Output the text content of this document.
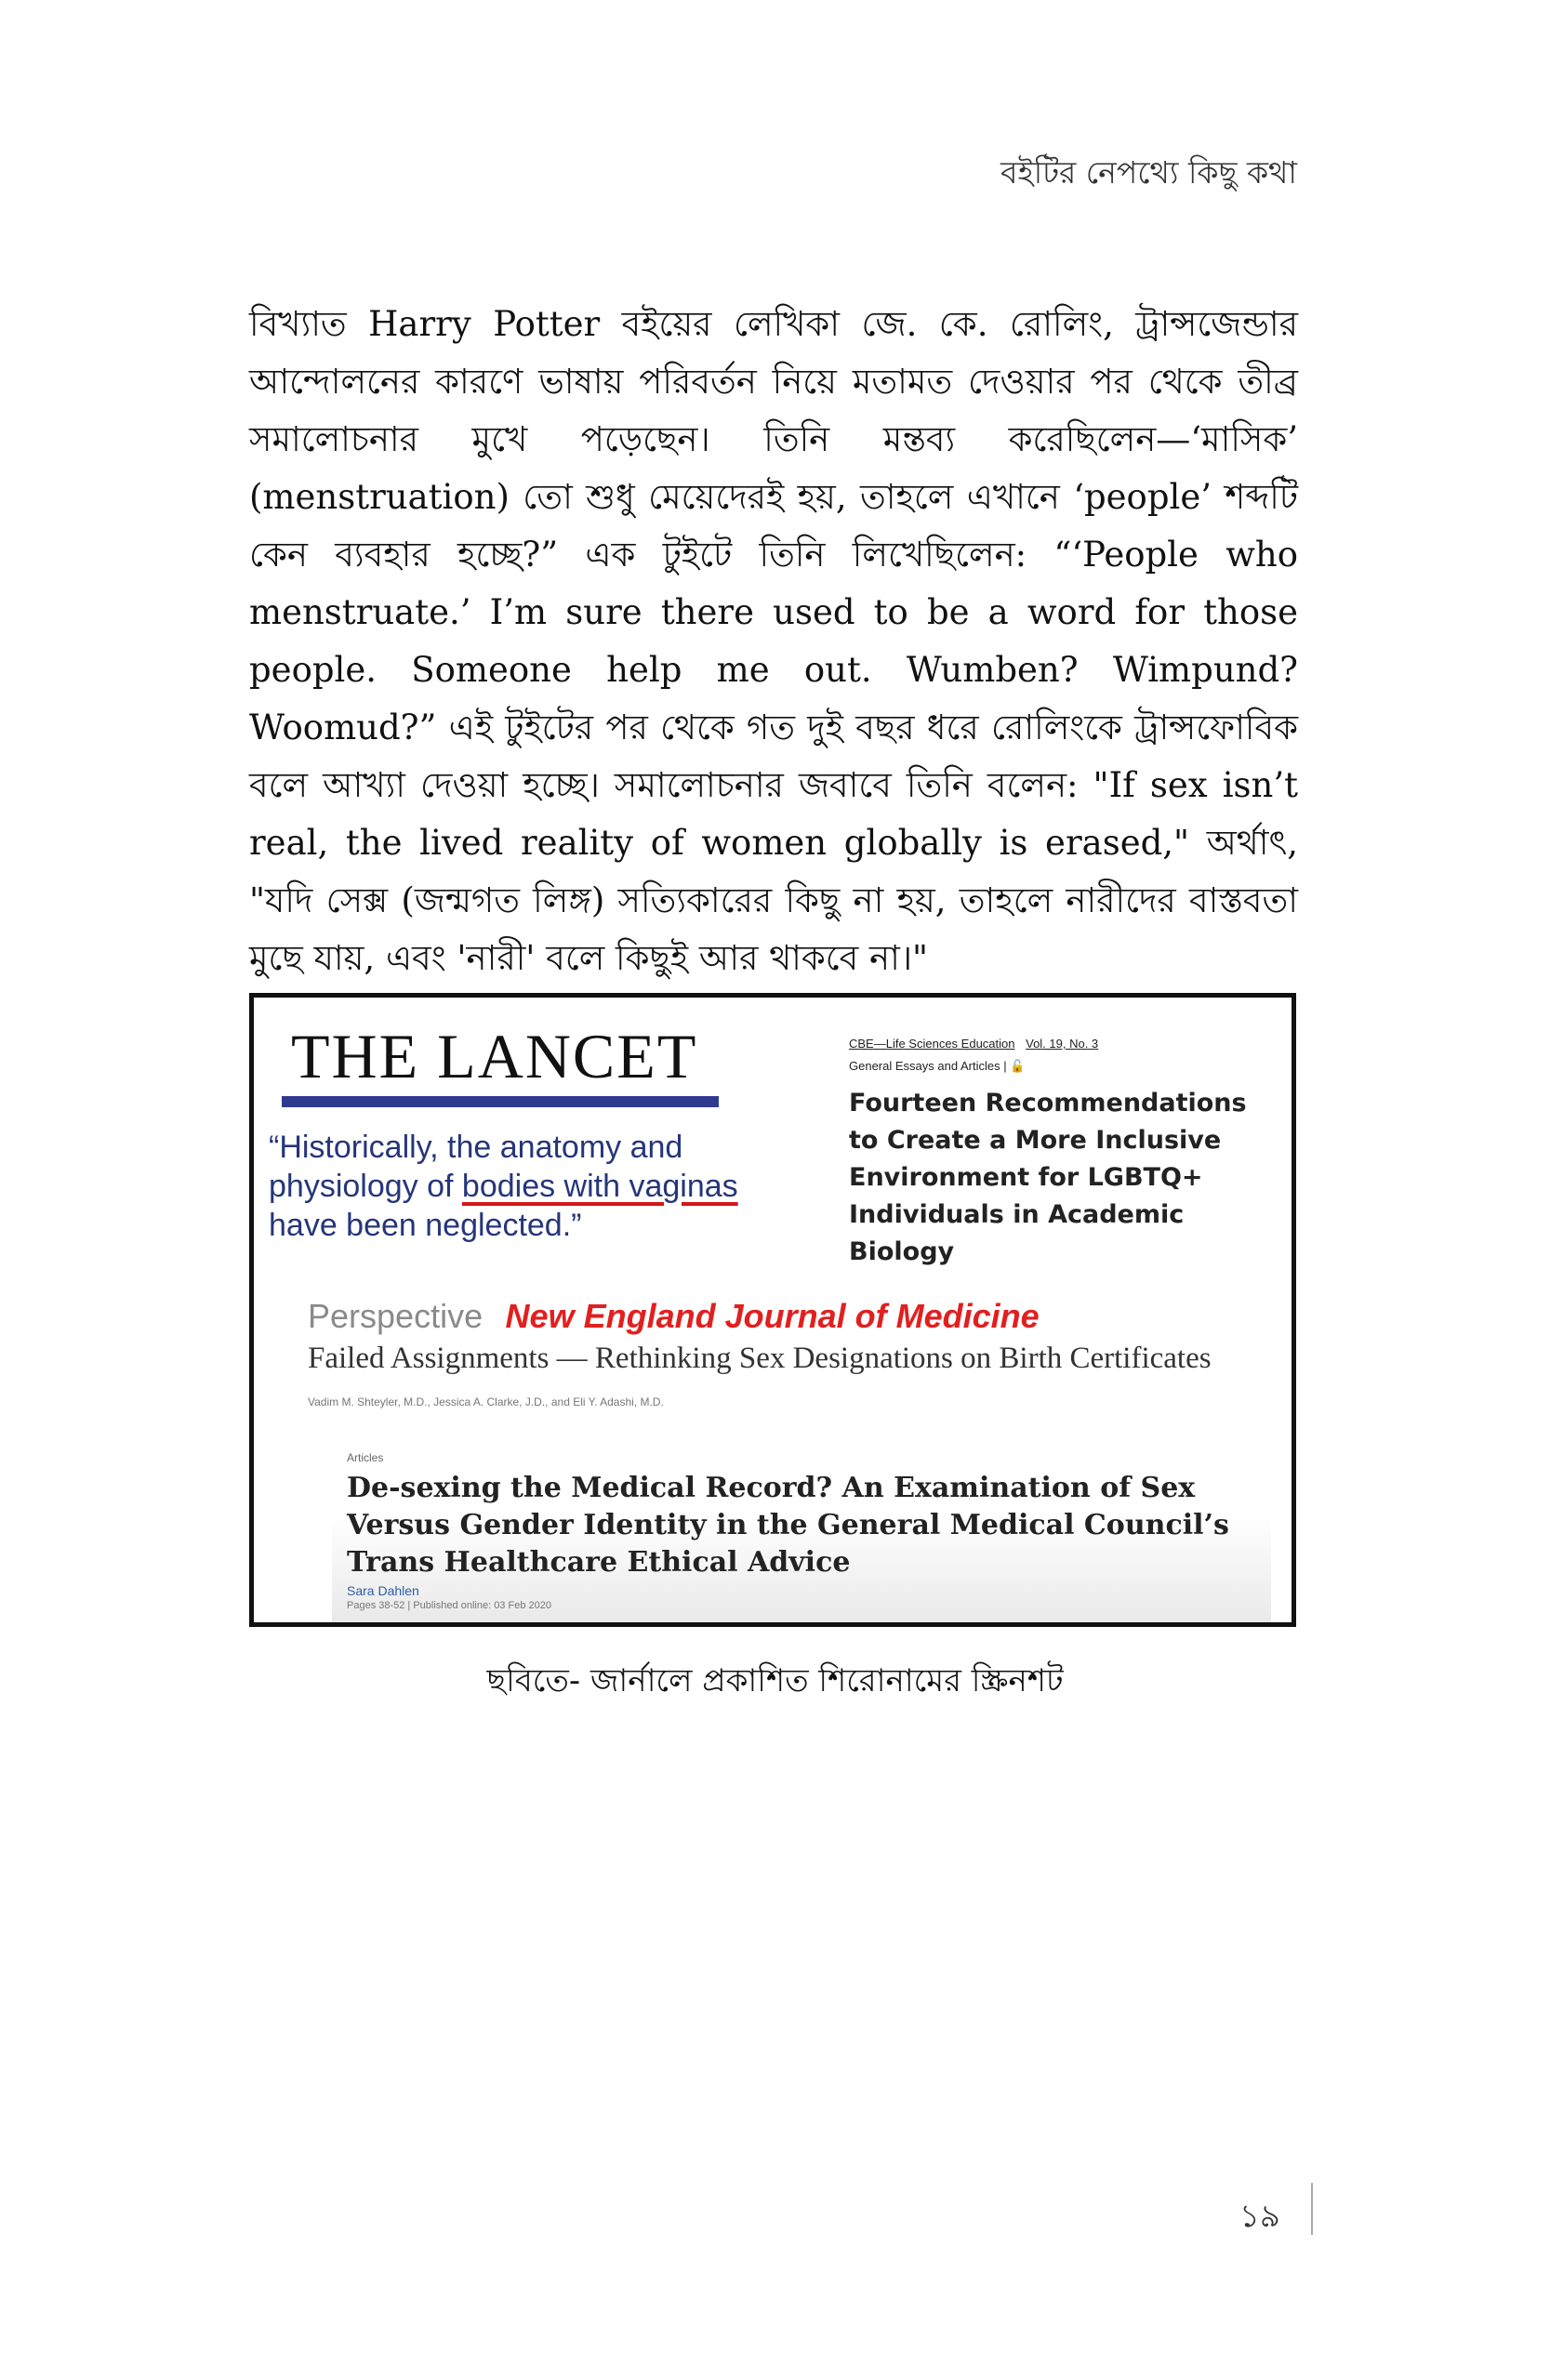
বইটির নেপথ্যে কিছু কথা

বিখ্যাত Harry Potter বইয়ের লেখিকা জে. কে. রোলিং, ট্রান্সজেন্ডার আন্দোলনের কারণে ভাষায় পরিবর্তন নিয়ে মতামত দেওয়ার পর থেকে তীব্র সমালোচনার মুখে পড়েছেন। তিনি মন্তব্য করেছিলেন—‘মাসিক’ (menstruation) তো শুধু মেয়েদেরই হয়, তাহলে এখানে ‘people’ শব্দটি কেন ব্যবহার হচ্ছে?” এক টুইটে তিনি লিখেছিলেন: “‘People who menstruate.’ I’m sure there used to be a word for those people. Someone help me out. Wumben? Wimpund? Woomud?” এই টুইটের পর থেকে গত দুই বছর ধরে রোলিংকে ট্রান্সফোবিক বলে আখ্যা দেওয়া হচ্ছে। সমালোচনার জবাবে তিনি বলেন: "If sex isn’t real, the lived reality of women globally is erased," অর্থাৎ, "যদি সেক্স (জন্মগত লিঙ্গ) সত্যিকারের কিছু না হয়, তাহলে নারীদের বাস্তবতা মুছে যায়, এবং 'নারী' বলে কিছুই আর থাকবে না।"

THE LANCET
“Historically, the anatomy and physiology of bodies with vaginas have been neglected.”
CBE—Life Sciences Education Vol. 19, No. 3
General Essays and Articles | 🔓
Fourteen Recommendations to Create a More Inclusive Environment for LGBTQ+ Individuals in Academic Biology
Perspective New England Journal of Medicine
Failed Assignments — Rethinking Sex Designations on Birth Certificates
Vadim M. Shteyler, M.D., Jessica A. Clarke, J.D., and Eli Y. Adashi, M.D.
Articles
De-sexing the Medical Record? An Examination of Sex Versus Gender Identity in the General Medical Council’s Trans Healthcare Ethical Advice
Sara Dahlen
Pages 38-52 | Published online: 03 Feb 2020
ছবিতে- জার্নালে প্রকাশিত শিরোনামের স্ক্রিনশট
১৯
